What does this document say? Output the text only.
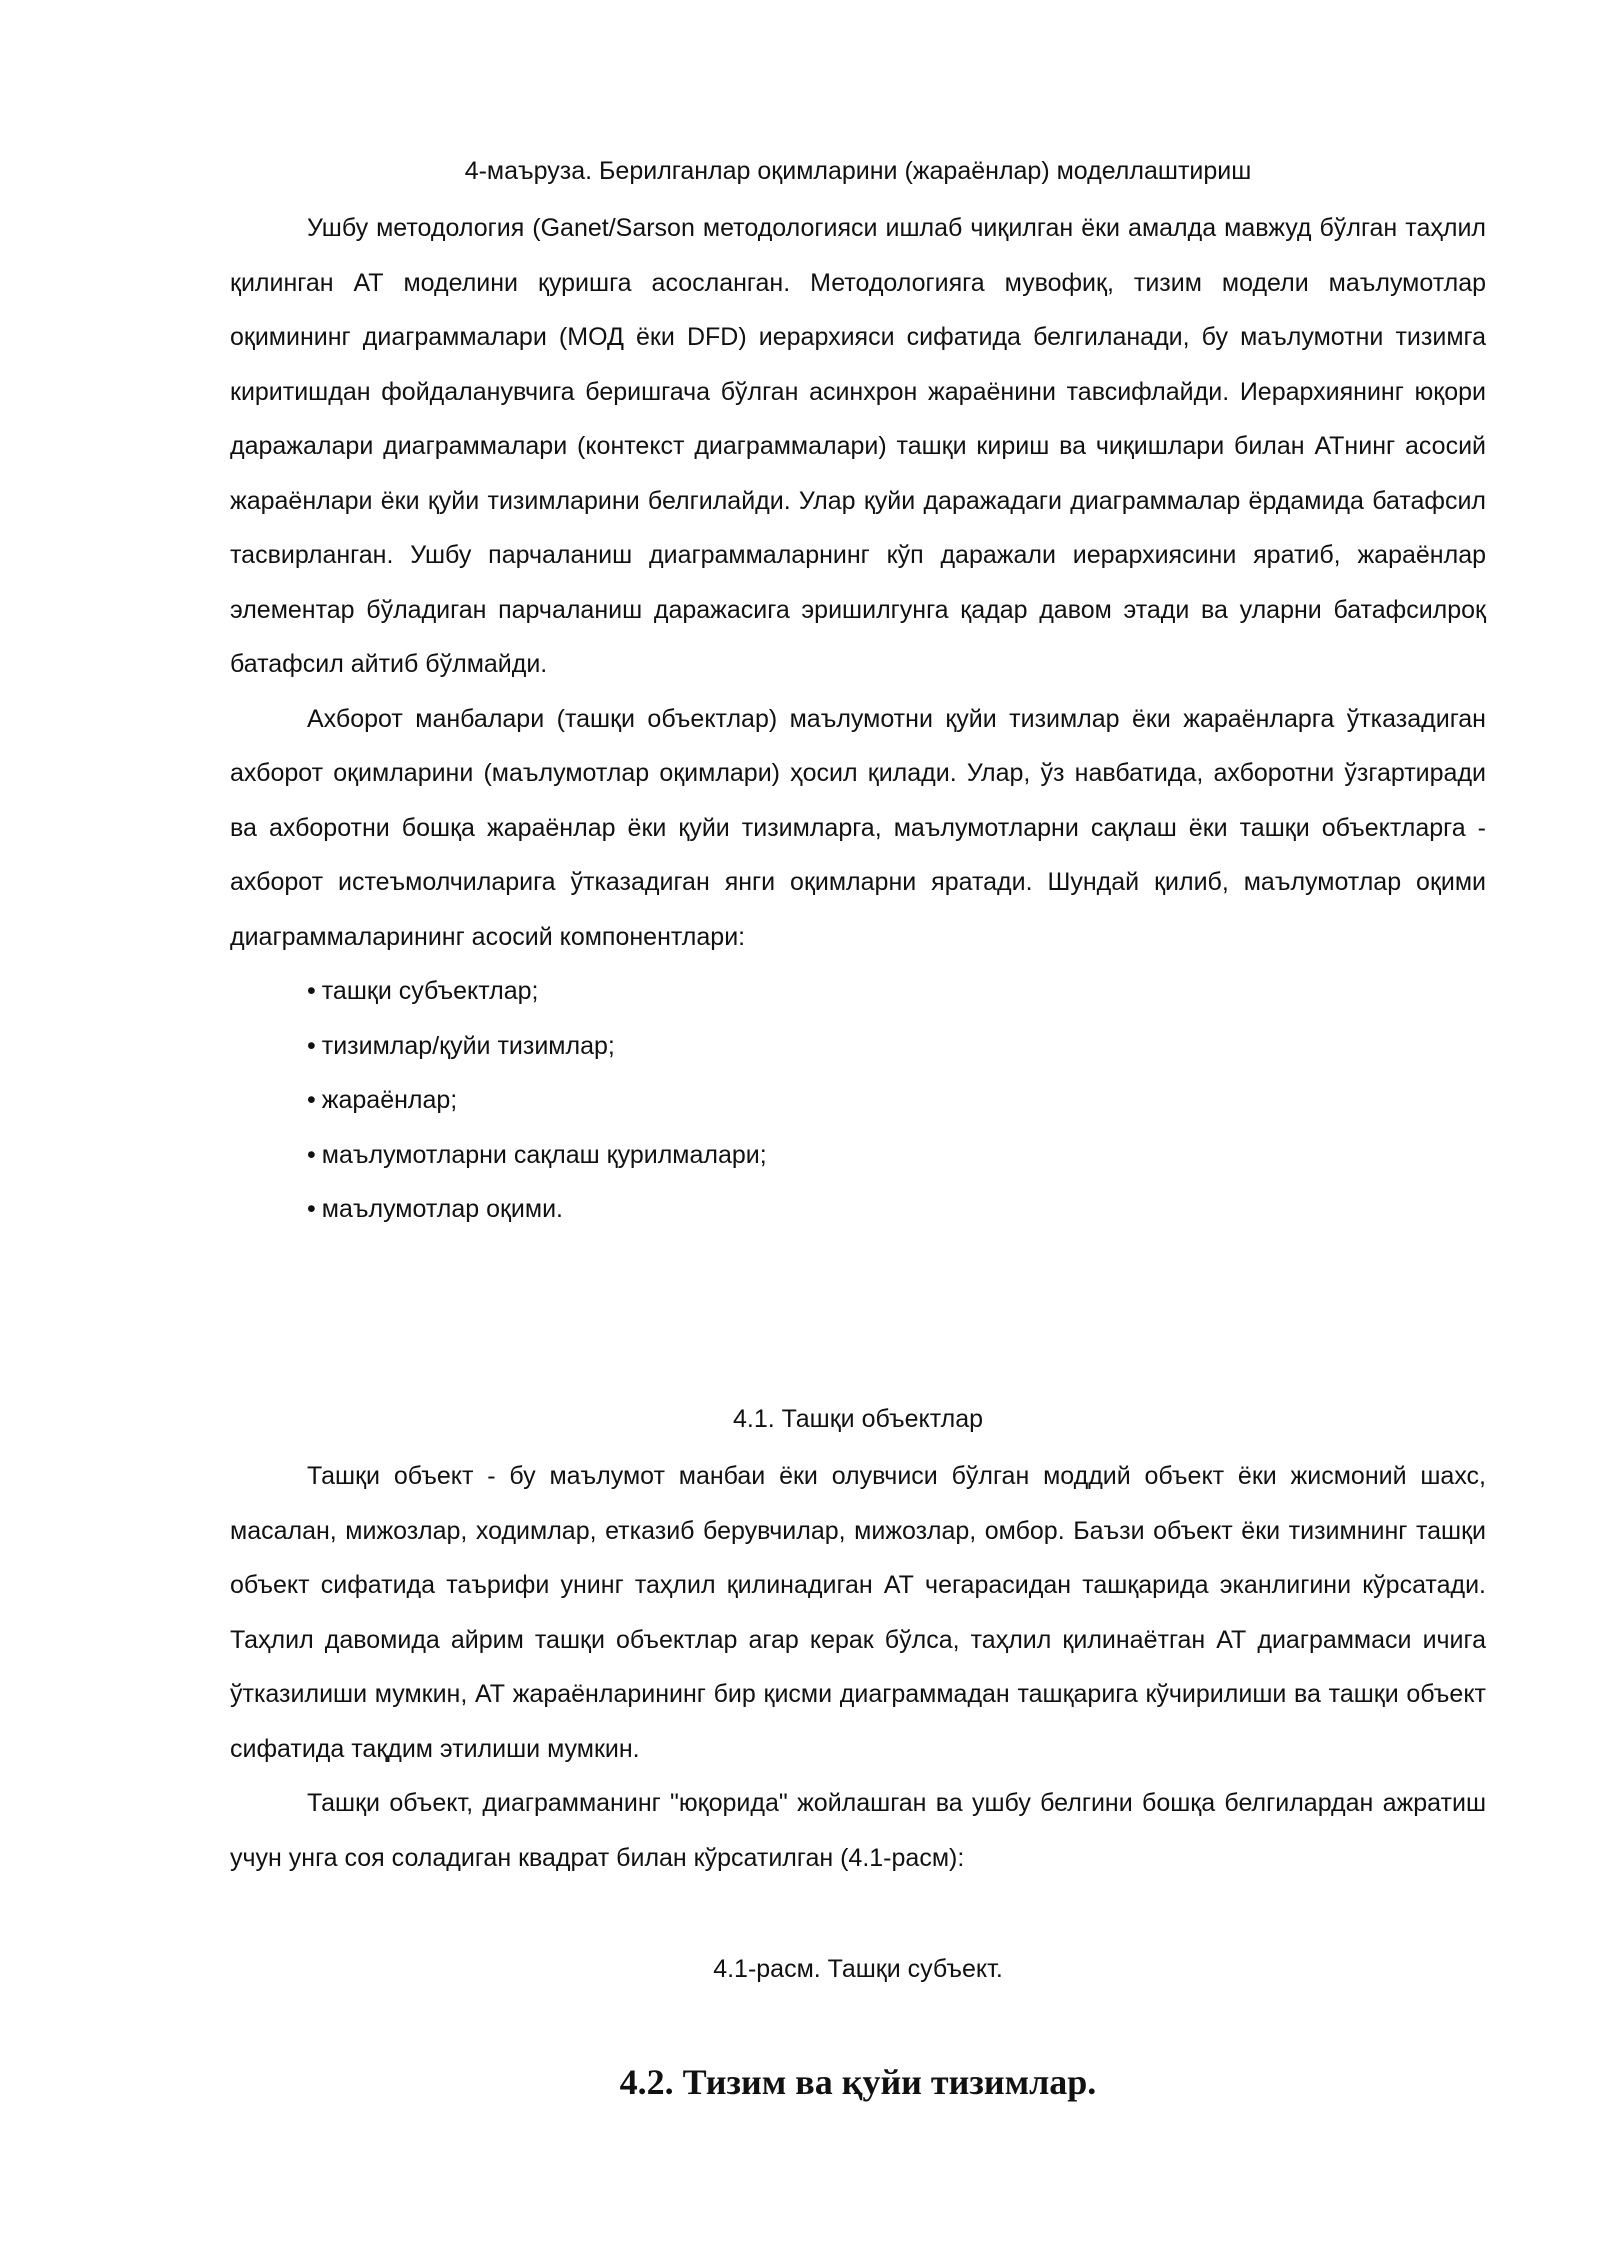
4-маъруза. Берилганлар оқимларини (жараёнлар) моделлаштириш

Ушбу методология (Ganet/Sarson методологияси ишлаб чиқилган ёки амалда мавжуд бўлган таҳлил қилинган АТ моделини қуришга асосланган. Методологияга мувофиқ, тизим модели маълумотлар оқимининг диаграммалари (МОД ёки DFD) иерархияси сифатида белгиланади, бу маълумотни тизимга киритишдан фойдаланувчига беришгача бўлган асинхрон жараёнини тавсифлайди. Иерархиянинг юқори даражалари диаграммалари (контекст диаграммалари) ташқи кириш ва чиқишлари билан АТнинг асосий жараёнлари ёки қуйи тизимларини белгилайди. Улар қуйи даражадаги диаграммалар ёрдамида батафсил тасвирланган. Ушбу парчаланиш диаграммаларнинг кўп даражали иерархиясини яратиб, жараёнлар элементар бўладиган парчаланиш даражасига эришилгунга қадар давом этади ва уларни батафсилроқ батафсил айтиб бўлмайди.

Ахборот манбалари (ташқи объектлар) маълумотни қуйи тизимлар ёки жараёнларга ўтказадиган ахборот оқимларини (маълумотлар оқимлари) ҳосил қилади. Улар, ўз навбатида, ахборотни ўзгартиради ва ахборотни бошқа жараёнлар ёки қуйи тизимларга, маълумотларни сақлаш ёки ташқи объектларга - ахборот истеъмолчиларига ўтказадиган янги оқимларни яратади. Шундай қилиб, маълумотлар оқими диаграммаларининг асосий компонентлари:

• ташқи субъектлар;
• тизимлар/қуйи тизимлар;
• жараёнлар;
• маълумотларни сақлаш қурилмалари;
• маълумотлар оқими.
4.1. Ташқи объектлар

Ташқи объект - бу маълумот манбаи ёки олувчиси бўлган моддий объект ёки жисмоний шахс, масалан, мижозлар, ходимлар, етказиб берувчилар, мижозлар, омбор. Баъзи объект ёки тизимнинг ташқи объект сифатида таърифи унинг таҳлил қилинадиган АТ чегарасидан ташқарида эканлигини кўрсатади. Таҳлил давомида айрим ташқи объектлар агар керак бўлса, таҳлил қилинаётган АТ диаграммаси ичига ўтказилиши мумкин, АТ жараёнларининг бир қисми диаграммадан ташқарига кўчирилиши ва ташқи объект сифатида тақдим этилиши мумкин.

Ташқи объект, диаграмманинг "юқорида" жойлашган ва ушбу белгини бошқа белгилардан ажратиш учун унга соя соладиган квадрат билан кўрсатилган (4.1-расм):

4.1-расм. Ташқи субъект.
4.2. Тизим ва қуйи тизимлар.
